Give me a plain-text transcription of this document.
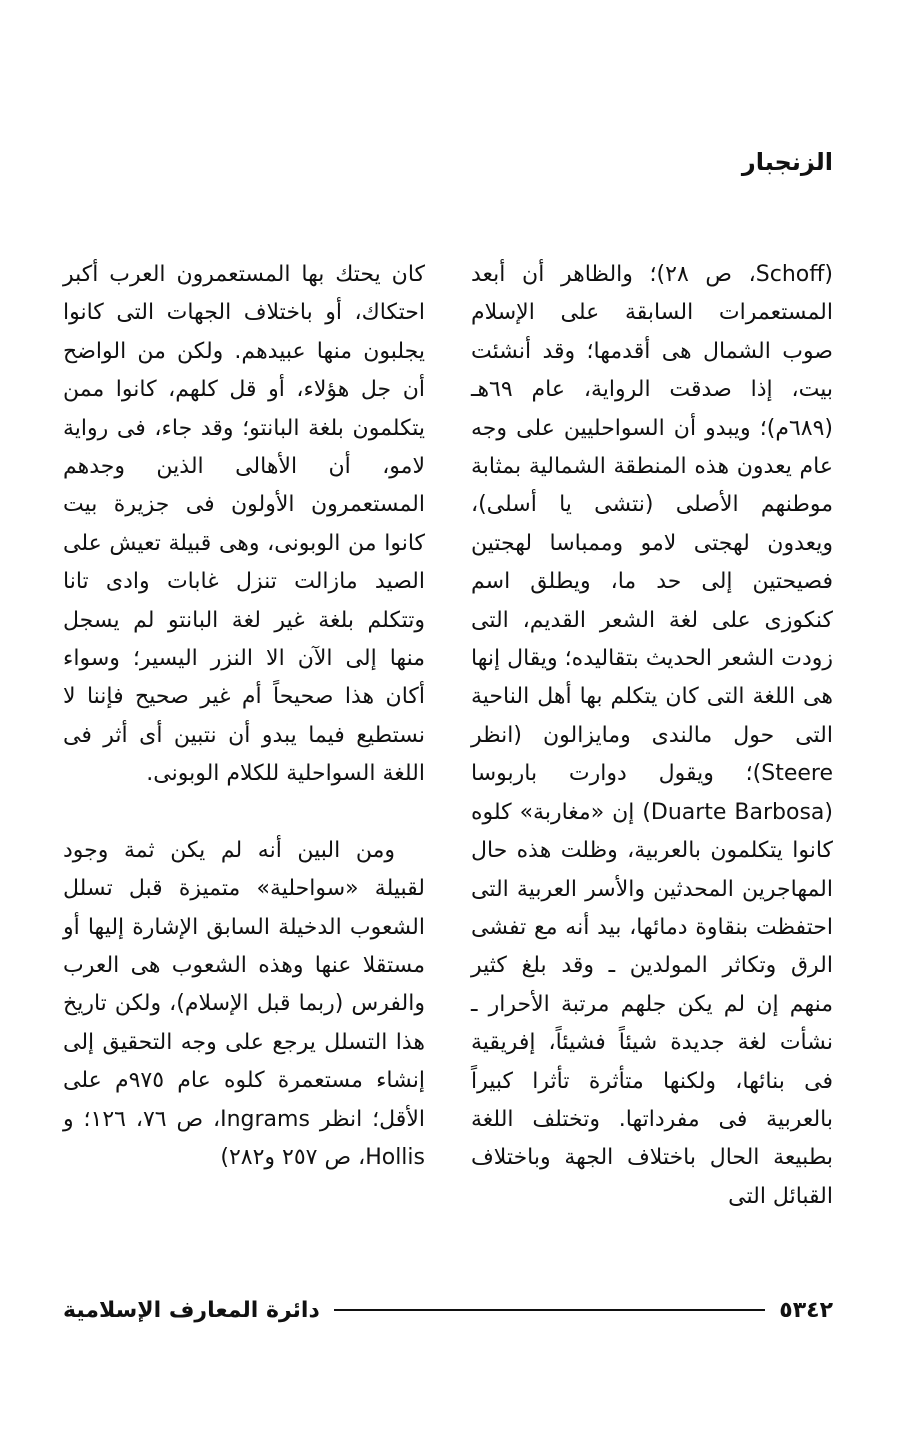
الزنجبار

(Schoff، ص ٢٨)؛ والظاهر أن أبعد المستعمرات السابقة على الإسلام صوب الشمال هى أقدمها؛ وقد أنشئت بيت، إذا صدقت الرواية، عام ٦٩هـ (٦٨٩م)؛ ويبدو أن السواحليين على وجه عام يعدون هذه المنطقة الشمالية بمثابة موطنهم الأصلى (نتشى يا أسلى)، ويعدون لهجتى لامو وممباسا لهجتين فصيحتين إلى حد ما، ويطلق اسم كنكوزى على لغة الشعر القديم، التى زودت الشعر الحديث بتقاليده؛ ويقال إنها هى اللغة التى كان يتكلم بها أهل الناحية التى حول مالندى ومايزالون (انظر Steere)؛ ويقول دوارت باربوسا (Duarte Barbosa) إن «مغاربة» كلوه كانوا يتكلمون بالعربية، وظلت هذه حال المهاجرين المحدثين والأسر العربية التى احتفظت بنقاوة دمائها، بيد أنه مع تفشى الرق وتكاثر المولدين ـ وقد بلغ كثير منهم إن لم يكن جلهم مرتبة الأحرار ـ نشأت لغة جديدة شيئاً فشيئاً، إفريقية فى بنائها، ولكنها متأثرة تأثرا كبيراً بالعربية فى مفرداتها. وتختلف اللغة بطبيعة الحال باختلاف الجهة وباختلاف القبائل التى

كان يحتك بها المستعمرون العرب أكبر احتكاك، أو باختلاف الجهات التى كانوا يجلبون منها عبيدهم. ولكن من الواضح أن جل هؤلاء، أو قل كلهم، كانوا ممن يتكلمون بلغة البانتو؛ وقد جاء، فى رواية لامو، أن الأهالى الذين وجدهم المستعمرون الأولون فى جزيرة بيت كانوا من الوبونى، وهى قبيلة تعيش على الصيد مازالت تنزل غابات وادى تانا وتتكلم بلغة غير لغة البانتو لم يسجل منها إلى الآن الا النزر اليسير؛ وسواء أكان هذا صحيحاً أم غير صحيح فإننا لا نستطيع فيما يبدو أن نتبين أى أثر فى اللغة السواحلية للكلام الوبونى.

ومن البين أنه لم يكن ثمة وجود لقبيلة «سواحلية» متميزة قبل تسلل الشعوب الدخيلة السابق الإشارة إليها أو مستقلا عنها وهذه الشعوب هى العرب والفرس (ربما قبل الإسلام)، ولكن تاريخ هذا التسلل يرجع على وجه التحقيق إلى إنشاء مستعمرة كلوه عام ٩٧٥م على الأقل؛ انظر Ingrams، ص ٧٦، ١٢٦؛ و Hollis، ص ٢٥٧ و٢٨٢)

٥٣٤٢
دائرة المعارف الإسلامية
